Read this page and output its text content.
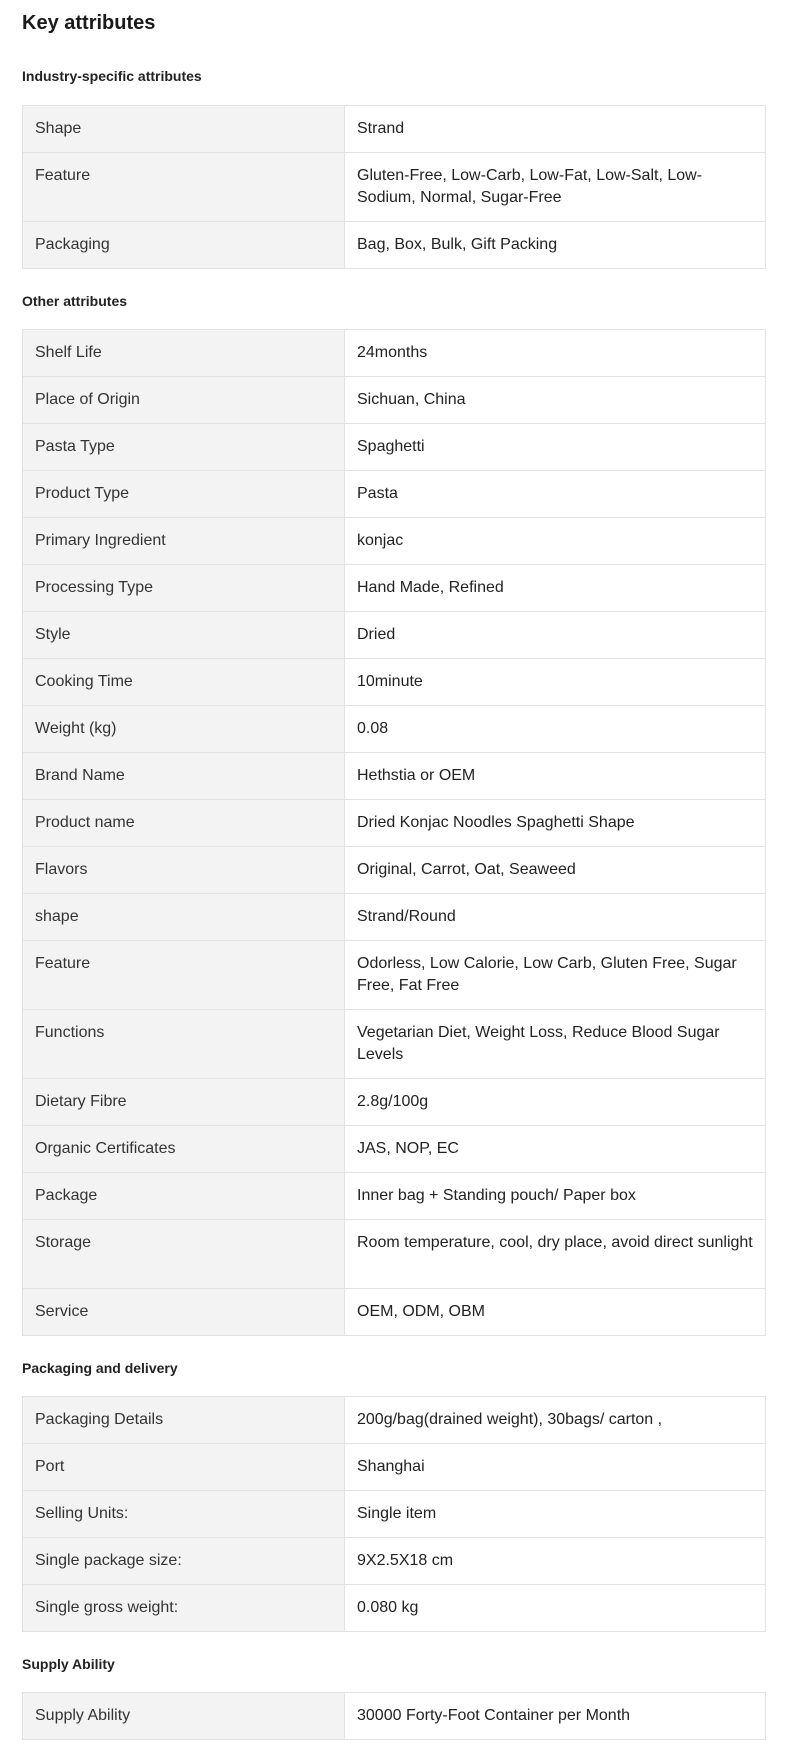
Key attributes
Industry-specific attributes
Shape	Strand
Feature	Gluten-Free, Low-Carb, Low-Fat, Low-Salt, Low-Sodium, Normal, Sugar-Free
Packaging	Bag, Box, Bulk, Gift Packing
Other attributes
Shelf Life	24months
Place of Origin	Sichuan, China
Pasta Type	Spaghetti
Product Type	Pasta
Primary Ingredient	konjac
Processing Type	Hand Made, Refined
Style	Dried
Cooking Time	10minute
Weight (kg)	0.08
Brand Name	Hethstia or OEM
Product name	Dried Konjac Noodles Spaghetti Shape
Flavors	Original, Carrot, Oat, Seaweed
shape	Strand/Round
Feature	Odorless, Low Calorie, Low Carb, Gluten Free, Sugar Free, Fat Free
Functions	Vegetarian Diet, Weight Loss, Reduce Blood Sugar Levels
Dietary Fibre	2.8g/100g
Organic Certificates	JAS, NOP, EC
Package	Inner bag + Standing pouch/ Paper box
Storage	Room temperature, cool, dry place, avoid direct sunlight
Service	OEM, ODM, OBM
Packaging and delivery
Packaging Details	200g/bag(drained weight), 30bags/ carton ,
Port	Shanghai
Selling Units:	Single item
Single package size:	9X2.5X18 cm
Single gross weight:	0.080 kg
Supply Ability
Supply Ability	30000 Forty-Foot Container per Month
